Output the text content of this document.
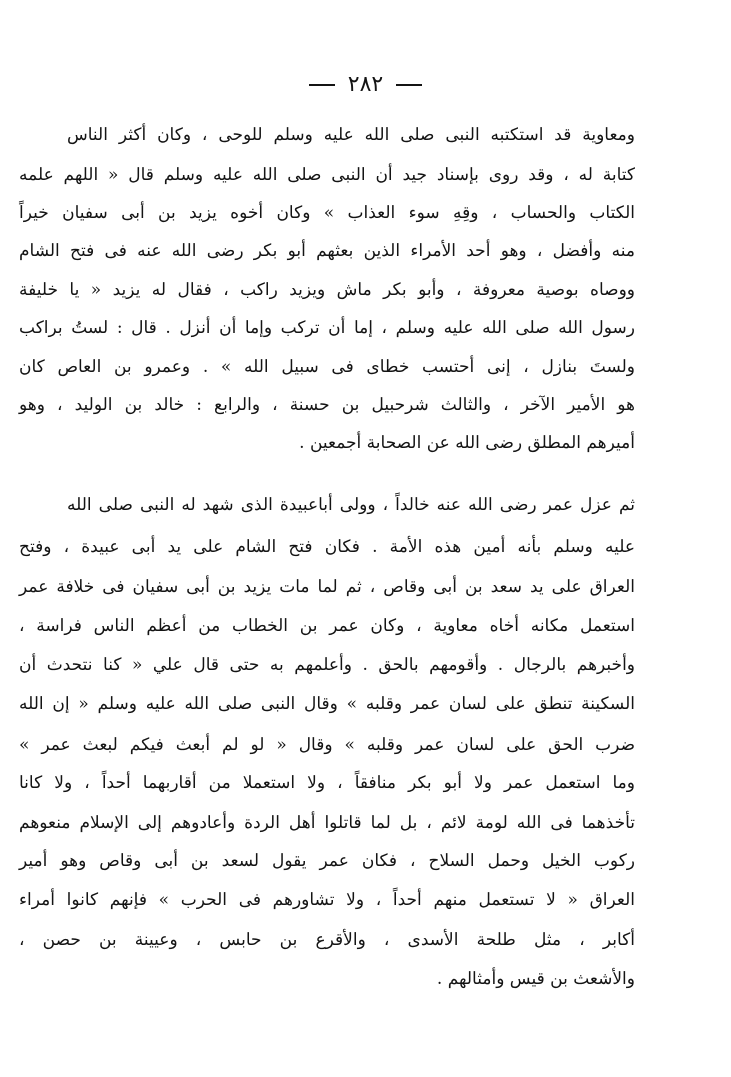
٢٨٢
ومعاوية قد استكتبه النبى صلى الله عليه وسلم للوحى ، وكان أكثر الناس
كتابة له ، وقد روى بإسناد جيد أن النبى صلى الله عليه وسلم قال « اللهم علمه
الكتاب والحساب ، وقِهِ سوء العذاب » وكان أخوه يزيد بن أبى سفيان خيراً
منه وأفضل ، وهو أحد الأمراء الذين بعثهم أبو بكر رضى الله عنه فى فتح الشام
ووصاه بوصية معروفة ، وأبو بكر ماش ويزيد راكب ، فقال له يزيد « يا خليفة
رسول الله صلى الله عليه وسلم ، إما أن تركب وإما أن أنزل . قال : لستُ براكب
ولستَ بنازل ، إنى أحتسب خطاى فى سبيل الله » . وعمرو بن العاص كان
هو الأمير الآخر ، والثالث شرحبيل بن حسنة ، والرابع : خالد بن الوليد ، وهو
أميرهم المطلق رضى الله عن الصحابة أجمعين .
ثم عزل عمر رضى الله عنه خالداً ، وولى أباعبيدة الذى شهد له النبى صلى الله
عليه وسلم بأنه أمين هذه الأمة . فكان فتح الشام على يد أبى عبيدة ، وفتح
العراق على يد سعد بن أبى وقاص ، ثم لما مات يزيد بن أبى سفيان فى خلافة عمر
استعمل مكانه أخاه معاوية ، وكان عمر بن الخطاب من أعظم الناس فراسة ،
وأخبرهم بالرجال . وأقومهم بالحق . وأعلمهم به حتى قال علي « كنا نتحدث أن
السكينة تنطق على لسان عمر وقلبه » وقال النبى صلى الله عليه وسلم « إن الله
ضرب الحق على لسان عمر وقلبه » وقال « لو لم أبعث فيكم لبعث عمر »
وما استعمل عمر ولا أبو بكر منافقاً ، ولا استعملا من أقاربهما أحداً ، ولا كانا
تأخذهما فى الله لومة لائم ، بل لما قاتلوا أهل الردة وأعادوهم إلى الإسلام منعوهم
ركوب الخيل وحمل السلاح ، فكان عمر يقول لسعد بن أبى وقاص وهو أمير
العراق « لا تستعمل منهم أحداً ، ولا تشاورهم فى الحرب » فإنهم كانوا أمراء
أكابر ، مثل طلحة الأسدى ، والأقرع بن حابس ، وعيينة بن حصن ،
والأشعث بن قيس وأمثالهم .
